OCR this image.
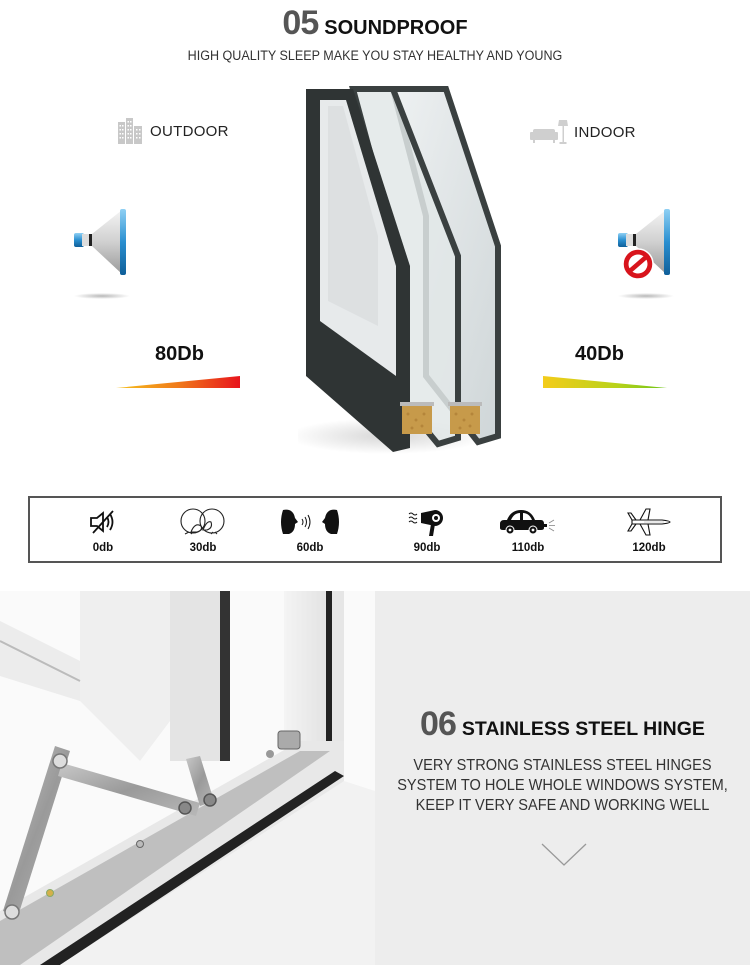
05 SOUNDPROOF
HIGH QUALITY SLEEP MAKE YOU STAY HEALTHY AND YOUNG
OUTDOOR	INDOOR
80Db	40Db
0db	30db	60db	90db	110db	120db
06 STAINLESS STEEL HINGE
VERY STRONG STAINLESS STEEL HINGES
SYSTEM TO HOLE WHOLE WINDOWS SYSTEM,
KEEP IT VERY SAFE AND WORKING WELL
